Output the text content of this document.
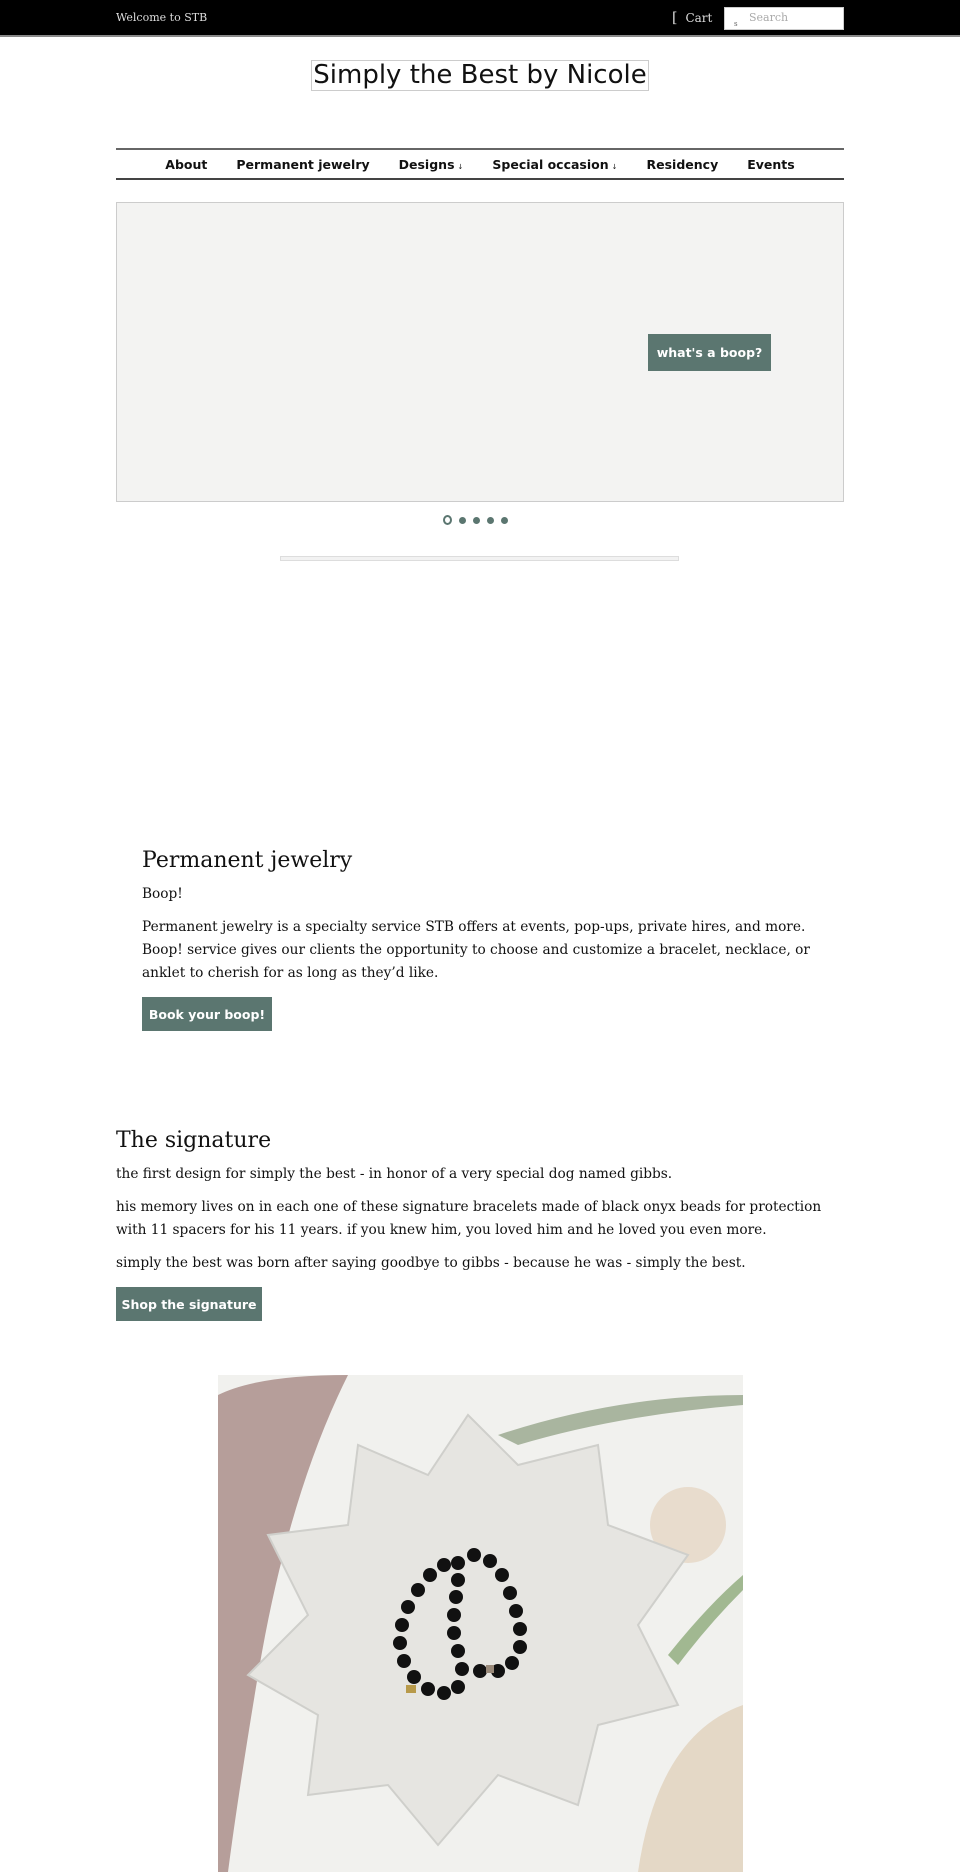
Welcome to STB	[ Cart	s Search
Simply the Best by Nicole
About Permanent jewelry Designs ↓ Special occasion ↓ Residency Events
what's a boop?
Permanent jewelry

Boop!

Permanent jewelry is a specialty service STB offers at events, pop-ups, private hires, and more. Boop! service gives our clients the opportunity to choose and customize a bracelet, necklace, or anklet to cherish for as long as they’d like.

Book your boop!
The signature

the first design for simply the best - in honor of a very special dog named gibbs.

his memory lives on in each one of these signature bracelets made of black onyx beads for protection with 11 spacers for his 11 years. if you knew him, you loved him and he loved you even more.

simply the best was born after saying goodbye to gibbs - because he was - simply the best.

Shop the signature
